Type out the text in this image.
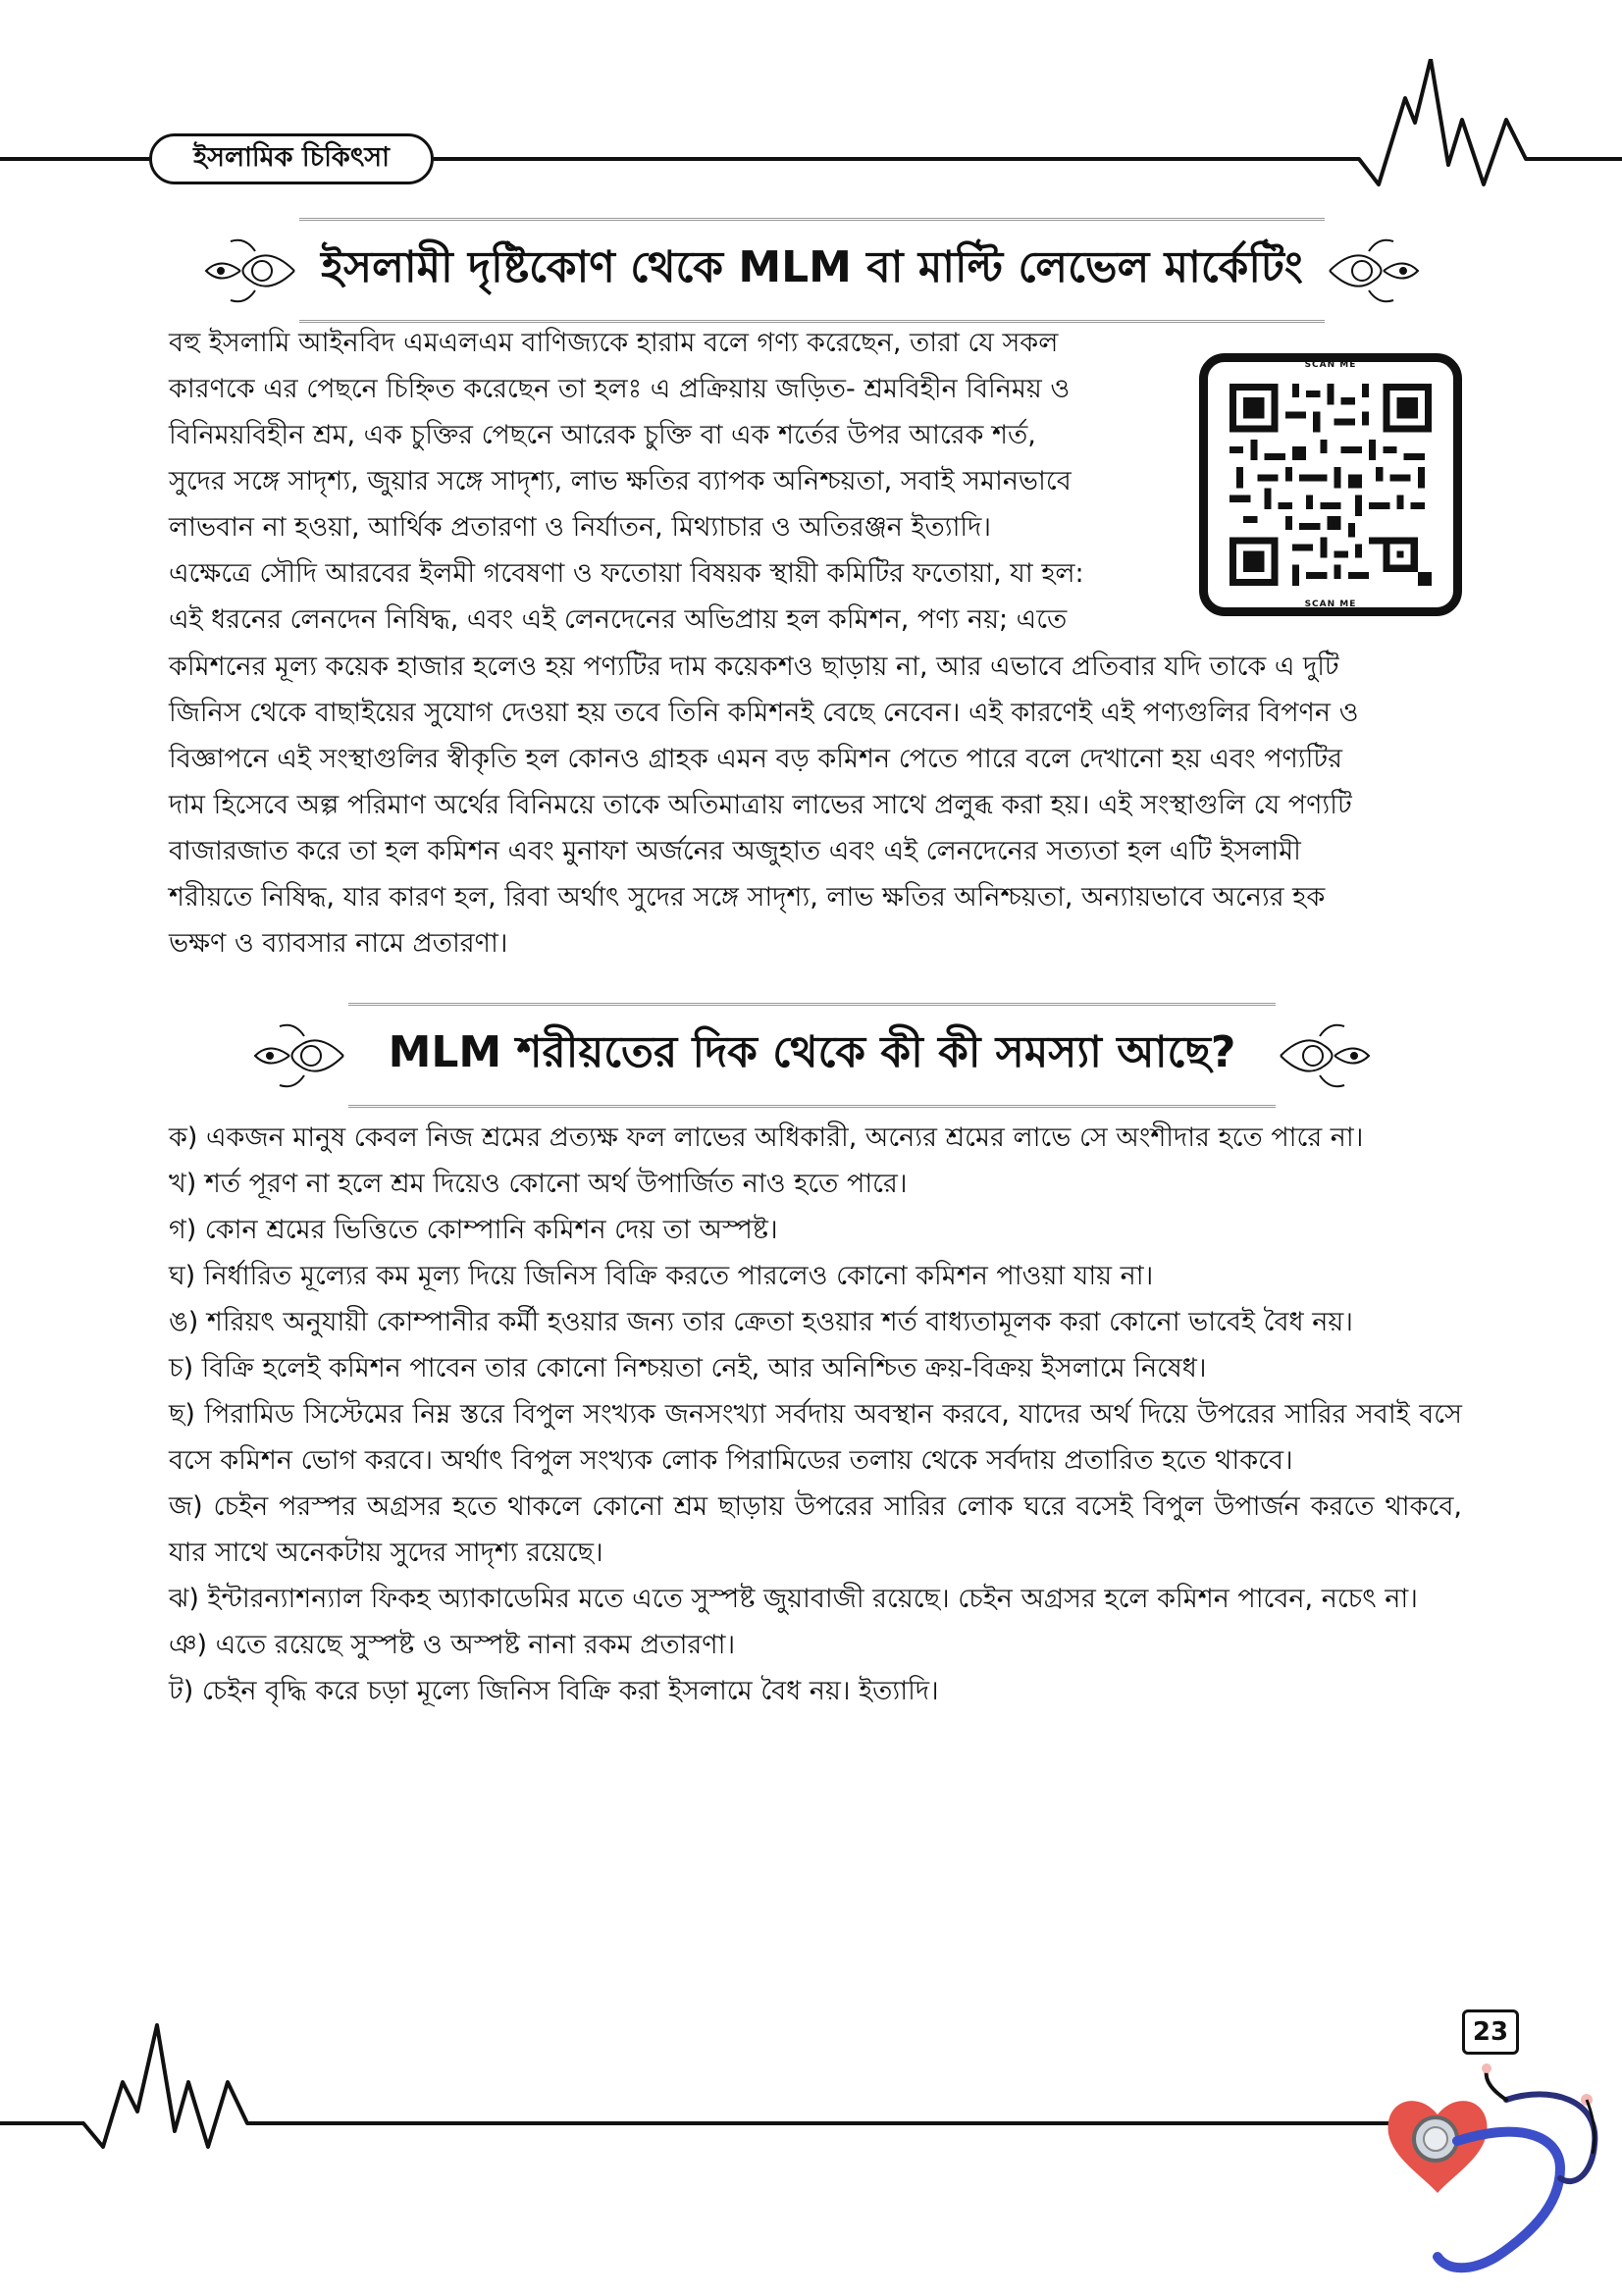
ইসলামিক চিকিৎসা
ইসলামী দৃষ্টিকোণ থেকে MLM বা মাল্টি লেভেল মার্কেটিং

বহু ইসলামি আইনবিদ এমএলএম বাণিজ্যকে হারাম বলে গণ্য করেছেন, তারা যে সকল

কারণকে এর পেছনে চিহ্নিত করেছেন তা হলঃ এ প্রক্রিয়ায় জড়িত- শ্রমবিহীন বিনিময় ও

বিনিময়বিহীন শ্রম, এক চুক্তির পেছনে আরেক চুক্তি বা এক শর্তের উপর আরেক শর্ত,

সুদের সঙ্গে সাদৃশ্য, জুয়ার সঙ্গে সাদৃশ্য, লাভ ক্ষতির ব্যাপক অনিশ্চয়তা, সবাই সমানভাবে

লাভবান না হওয়া, আর্থিক প্রতারণা ও নির্যাতন, মিথ্যাচার ও অতিরঞ্জন ইত্যাদি।

এক্ষেত্রে সৌদি আরবের ইলমী গবেষণা ও ফতোয়া বিষয়ক স্থায়ী কমিটির ফতোয়া, যা হল:

এই ধরনের লেনদেন নিষিদ্ধ, এবং এই লেনদেনের অভিপ্রায় হল কমিশন, পণ্য নয়; এতে

SCAN ME
SCAN ME

কমিশনের মূল্য কয়েক হাজার হলেও হয় পণ্যটির দাম কয়েকশও ছাড়ায় না, আর এভাবে প্রতিবার যদি তাকে এ দুটি

জিনিস থেকে বাছাইয়ের সুযোগ দেওয়া হয় তবে তিনি কমিশনই বেছে নেবেন। এই কারণেই এই পণ্যগুলির বিপণন ও

বিজ্ঞাপনে এই সংস্থাগুলির স্বীকৃতি হল কোনও গ্রাহক এমন বড় কমিশন পেতে পারে বলে দেখানো হয় এবং পণ্যটির

দাম হিসেবে অল্প পরিমাণ অর্থের বিনিময়ে তাকে অতিমাত্রায় লাভের সাথে প্রলুব্ধ করা হয়। এই সংস্থাগুলি যে পণ্যটি

বাজারজাত করে তা হল কমিশন এবং মুনাফা অর্জনের অজুহাত এবং এই লেনদেনের সত্যতা হল এটি ইসলামী

শরীয়তে নিষিদ্ধ, যার কারণ হল, রিবা অর্থাৎ সুদের সঙ্গে সাদৃশ্য, লাভ ক্ষতির অনিশ্চয়তা, অন্যায়ভাবে অন্যের হক

ভক্ষণ ও ব্যাবসার নামে প্রতারণা।

MLM শরীয়তের দিক থেকে কী কী সমস্যা আছে?

ক) একজন মানুষ কেবল নিজ শ্রমের প্রত্যক্ষ ফল লাভের অধিকারী, অন্যের শ্রমের লাভে সে অংশীদার হতে পারে না।

খ) শর্ত পূরণ না হলে শ্রম দিয়েও কোনো অর্থ উপার্জিত নাও হতে পারে।

গ) কোন শ্রমের ভিত্তিতে কোম্পানি কমিশন দেয় তা অস্পষ্ট।

ঘ) নির্ধারিত মূল্যের কম মূল্য দিয়ে জিনিস বিক্রি করতে পারলেও কোনো কমিশন পাওয়া যায় না।

ঙ) শরিয়ৎ অনুযায়ী কোম্পানীর কর্মী হওয়ার জন্য তার ক্রেতা হওয়ার শর্ত বাধ্যতামূলক করা কোনো ভাবেই বৈধ নয়।

চ) বিক্রি হলেই কমিশন পাবেন তার কোনো নিশ্চয়তা নেই, আর অনিশ্চিত ক্রয়-বিক্রয় ইসলামে নিষেধ।

ছ) পিরামিড সিস্টেমের নিম্ন স্তরে বিপুল সংখ্যক জনসংখ্যা সর্বদায় অবস্থান করবে, যাদের অর্থ দিয়ে উপরের সারির সবাই বসে বসে কমিশন ভোগ করবে। অর্থাৎ বিপুল সংখ্যক লোক পিরামিডের তলায় থেকে সর্বদায় প্রতারিত হতে থাকবে।

জ) চেইন পরস্পর অগ্রসর হতে থাকলে কোনো শ্রম ছাড়ায় উপরের সারির লোক ঘরে বসেই বিপুল উপার্জন করতে থাকবে, যার সাথে অনেকটায় সুদের সাদৃশ্য রয়েছে।

ঝ) ইন্টারন্যাশন্যাল ফিকহ অ্যাকাডেমির মতে এতে সুস্পষ্ট জুয়াবাজী রয়েছে। চেইন অগ্রসর হলে কমিশন পাবেন, নচেৎ না।

ঞ) এতে রয়েছে সুস্পষ্ট ও অস্পষ্ট নানা রকম প্রতারণা।

ট) চেইন বৃদ্ধি করে চড়া মূল্যে জিনিস বিক্রি করা ইসলামে বৈধ নয়। ইত্যাদি।

23
